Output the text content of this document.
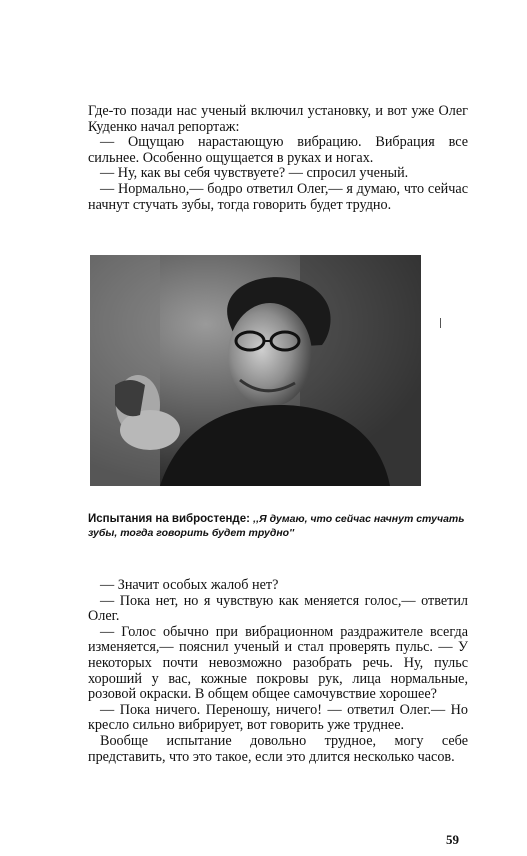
Где-то позади нас ученый включил установку, и вот уже Олег Куденко начал репортаж:

— Ощущаю нарастающую вибрацию. Вибрация все сильнее. Особенно ощущается в руках и ногах.

— Ну, как вы себя чувствуете? — спросил ученый.

— Нормально,— бодро ответил Олег,— я думаю, что сейчас начнут стучать зубы, тогда говорить будет трудно.

Испытания на вибростенде: ,,Я думаю, что сейчас начнут стучать зубы, тогда говорить будет трудно''

— Значит особых жалоб нет?

— Пока нет, но я чувствую как меняется голос,— ответил Олег.

— Голос обычно при вибрационном раздражителе всегда изменяется,— пояснил ученый и стал проверять пульс. — У некоторых почти невозможно разобрать речь. Ну, пульс хороший у вас, кожные покровы рук, лица нормальные, розовой окраски. В общем общее самочувствие хорошее?

— Пока ничего. Переношу, ничего! — ответил Олег.— Но кресло сильно вибрирует, вот говорить уже труднее.

Вообще испытание довольно трудное, могу себе представить, что это такое, если это длится несколько часов.

59
